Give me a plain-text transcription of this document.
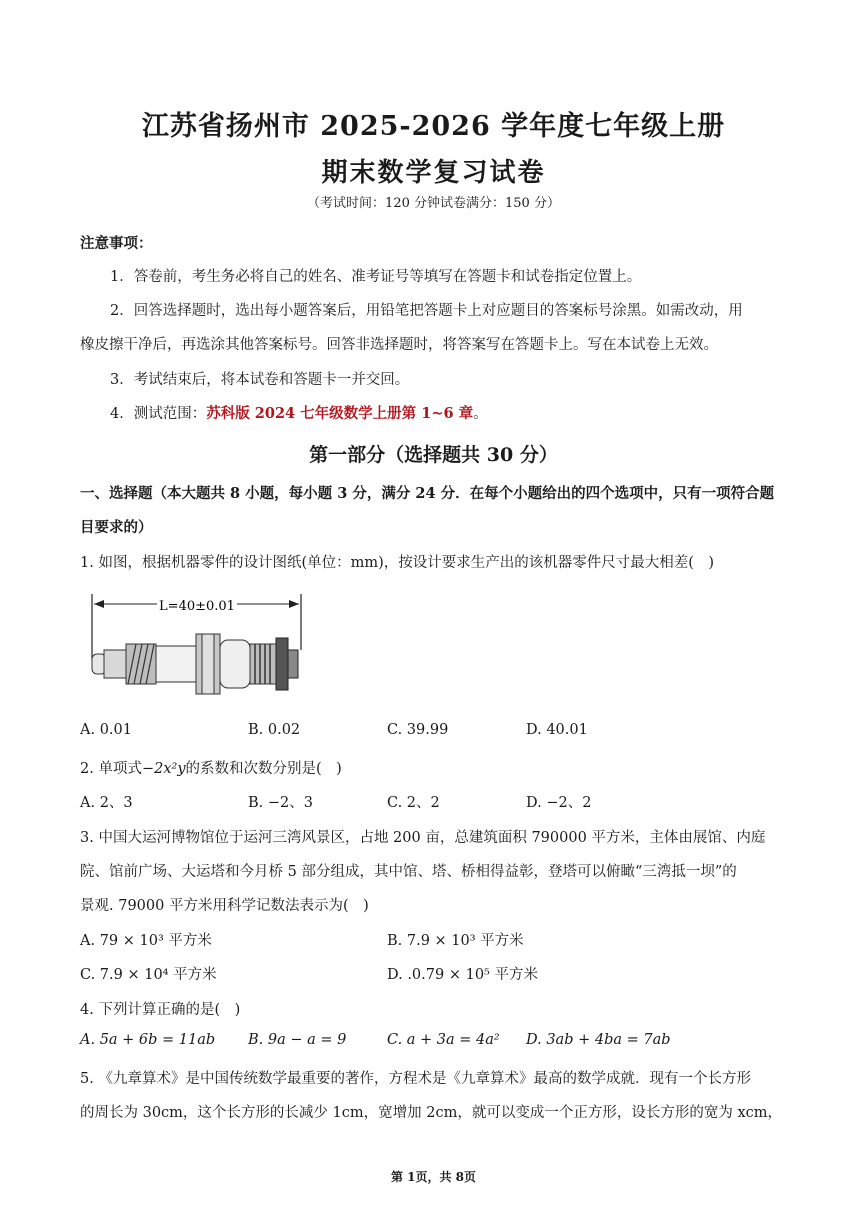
江苏省扬州市 2025-2026 学年度七年级上册
期末数学复习试卷
（考试时间：120 分钟试卷满分：150 分）
注意事项：
1．答卷前，考生务必将自己的姓名、准考证号等填写在答题卡和试卷指定位置上。
2．回答选择题时，选出每小题答案后，用铅笔把答题卡上对应题目的答案标号涂黑。如需改动，用
橡皮擦干净后，再选涂其他答案标号。回答非选择题时，将答案写在答题卡上。写在本试卷上无效。
3．考试结束后，将本试卷和答题卡一并交回。
4．测试范围：苏科版 2024 七年级数学上册第 1~6 章。
第一部分（选择题共 30 分）
一、选择题（本大题共 8 小题，每小题 3 分，满分 24 分．在每个小题给出的四个选项中，只有一项符合题
目要求的）
1. 如图，根据机器零件的设计图纸(单位：mm)，按设计要求生产出的该机器零件尺寸最大相差(　)
L=40±0.01
A. 0.01	B. 0.02	C. 39.99	D. 40.01
2. 单项式−2x²y的系数和次数分别是(　)
A. 2、3	B. −2、3	C. 2、2	D. −2、2
3. 中国大运河博物馆位于运河三湾风景区，占地 200 亩，总建筑面积 790000 平方米，主体由展馆、内庭
院、馆前广场、大运塔和今月桥 5 部分组成，其中馆、塔、桥相得益彰，登塔可以俯瞰“三湾抵一坝”的
景观. 79000 平方米用科学记数法表示为(　)
A. 79 × 10³ 平方米	B. 7.9 × 10³ 平方米
C. 7.9 × 10⁴ 平方米	D. .0.79 × 10⁵ 平方米
4. 下列计算正确的是(　)
A. 5a + 6b = 11ab B. 9a − a = 9	C. a + 3a = 4a² D. 3ab + 4ba = 7ab
5. 《九章算术》是中国传统数学最重要的著作，方程术是《九章算术》最高的数学成就．现有一个长方形
的周长为 30cm，这个长方形的长减少 1cm，宽增加 2cm，就可以变成一个正方形，设长方形的宽为 xcm，
第 1页，共 8页
